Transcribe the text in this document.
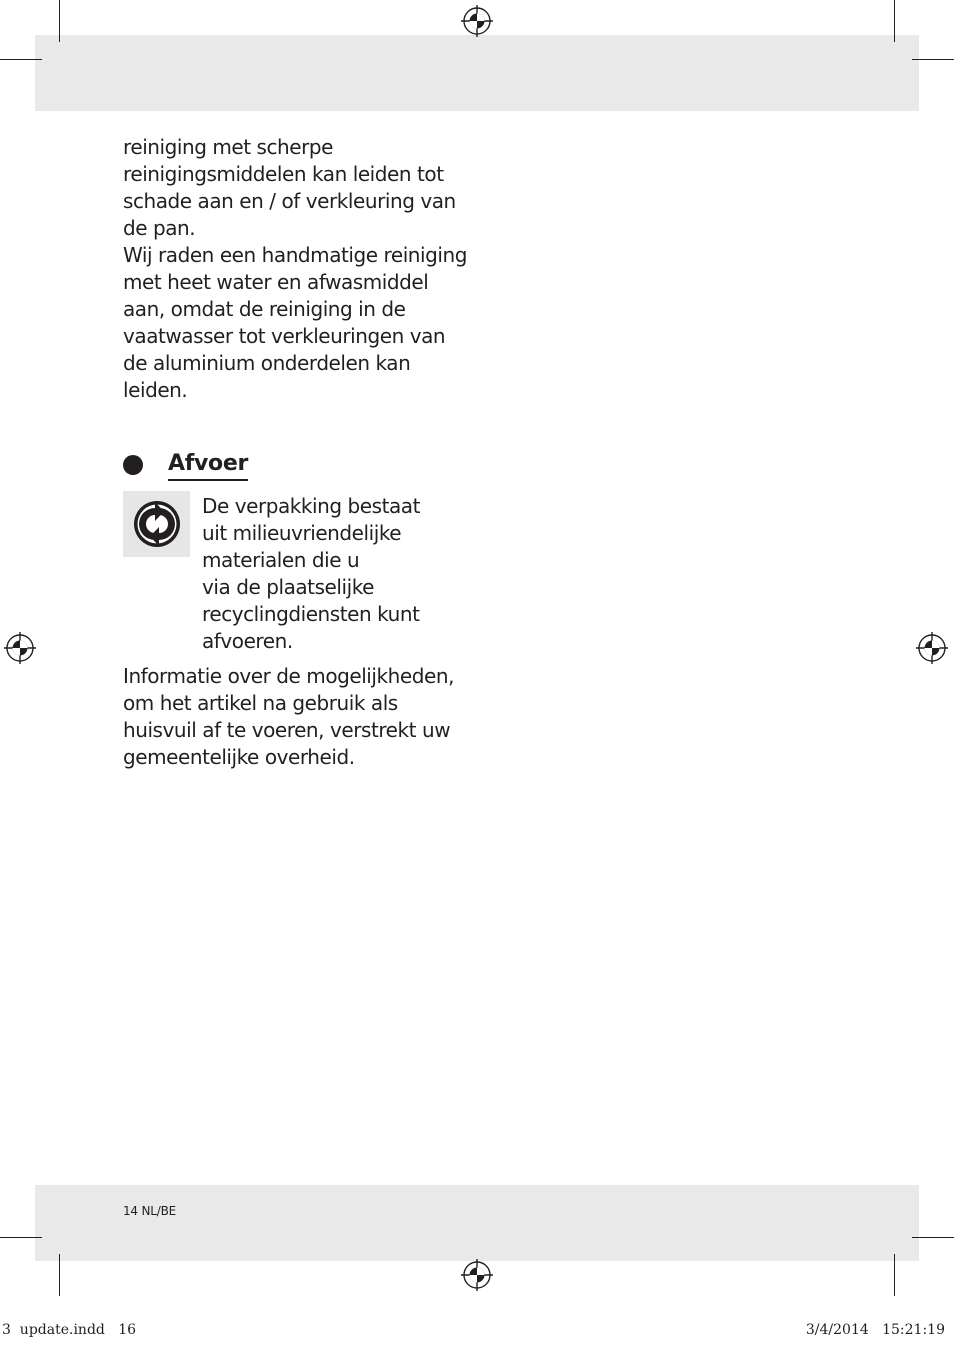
reiniging met scherpe
reinigingsmiddelen kan leiden tot
schade aan en / of verkleuring van
de pan.
Wij raden een handmatige reiniging
met heet water en afwasmiddel
aan, omdat de reiniging in de
vaatwasser tot verkleuringen van
de aluminium onderdelen kan
leiden.

Afvoer

De verpakking bestaat
uit milieuvriendelijke
materialen die u
via de plaatselijke
recyclingdiensten kunt
afvoeren.

Informatie over de mogelijkheden,
om het artikel na gebruik als
huisvuil af te voeren, verstrekt uw
gemeentelijke overheid.

14 NL/BE
3  update.indd   16	3/4/2014   15:21:19
